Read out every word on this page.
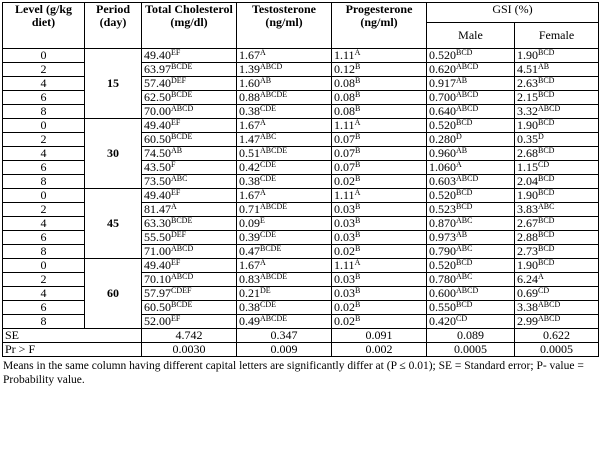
Level (g/kg diet)	Period (day)	Total Cholesterol (mg/dl)	Testosterone (ng/ml)	Progesterone (ng/ml)	GSI (%)	
					Male	Female
0	15	$49.40^{EF}$	$1.67^A$	$1.11^A$	$0.520^{BCD}$	$1.90^{BCD}$
2		$63.97^{BCDE}$	$1.39^{ABCD}$	$0.12^B$	$0.620^{ABCD}$	$4.51^{AB}$
4		$57.40^{DEF}$	$1.60^{AB}$	$0.08^B$	$0.917^{AB}$	$2.63^{BCD}$
6		$62.50^{BCDE}$	$0.88^{ABCDE}$	$0.08^B$	$0.700^{ABCD}$	$2.15^{BCD}$
8		$70.00^{ABCD}$	$0.38^{CDE}$	$0.08^B$	$0.640^{ABCD}$	$3.32^{ABCD}$
0	30	$49.40^{EF}$	$1.67^A$	$1.11^A$	$0.520^{BCD}$	$1.90^{BCD}$
2		$60.50^{BCDE}$	$1.47^{ABC}$	$0.07^B$	$0.280^D$	$0.35^D$
4		$74.50^{AB}$	$0.51^{ABCDE}$	$0.07^B$	$0.960^{AB}$	$2.68^{BCD}$
6		$43.50^F$	$0.42^{CDE}$	$0.07^B$	$1.060^A$	$1.15^{CD}$
8		$73.50^{ABC}$	$0.38^{CDE}$	$0.02^B$	$0.603^{ABCD}$	$2.04^{BCD}$
0	45	$49.40^{EF}$	$1.67^A$	$1.11^A$	$0.520^{BCD}$	$1.90^{BCD}$
2		$81.47^A$	$0.71^{ABCDE}$	$0.03^B$	$0.523^{BCD}$	$3.83^{ABC}$
4		$63.30^{BCDE}$	$0.09^E$	$0.03^B$	$0.870^{ABC}$	$2.67^{BCD}$
6		$55.50^{DEF}$	$0.39^{CDE}$	$0.03^B$	$0.973^{AB}$	$2.88^{BCD}$
8		$71.00^{ABCD}$	$0.47^{BCDE}$	$0.02^B$	$0.790^{ABC}$	$2.73^{BCD}$
0	60	$49.40^{EF}$	$1.67^A$	$1.11^A$	$0.520^{BCD}$	$1.90^{BCD}$
2		$70.10^{ABCD}$	$0.83^{ABCDE}$	$0.03^B$	$0.780^{ABC}$	$6.24^A$
4		$57.97^{CDEF}$	0.21DE	$0.03^B$	$0.600^{ABCD}$	$0.69^{CD}$
6		$60.50^{BCDE}$	$0.38^{CDE}$	$0.02^B$	$0.550^{BCD}$	$3.38^{ABCD}$
8		$52.00^{EF}$	$0.49^{ABCDE}$	$0.02^B$	$0.420^{CD}$	$2.99^{ABCD}$
SE		4.742	0.347	0.091	0.089	0.622
Pr > F		0.0030	0.009	0.002	0.0005	0.0005
Means in the same column having different capital letters are significantly differ at (P ≤ 0.01); SE = Standard error; P- value = Probability value.
